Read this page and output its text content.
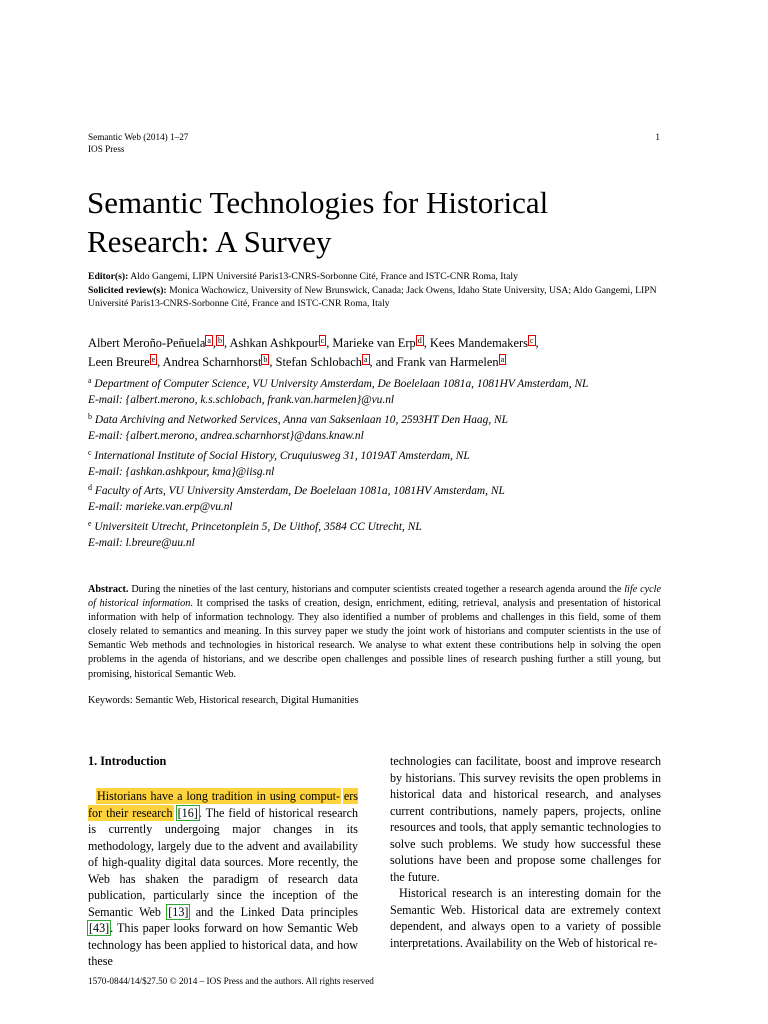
Semantic Web (2014) 1–27
IOS Press
1
Semantic Technologies for Historical
Research: A Survey
Editor(s): Aldo Gangemi, LIPN Université Paris13-CNRS-Sorbonne Cité, France and ISTC-CNR Roma, Italy
Solicited review(s): Monica Wachowicz, University of New Brunswick, Canada; Jack Owens, Idaho State University, USA; Aldo Gangemi, LIPN Université Paris13-CNRS-Sorbonne Cité, France and ISTC-CNR Roma, Italy
Albert Meroño-Peñuela a , b , Ashkan Ashkpour c , Marieke van Erp d , Kees Mandemakers c ,
Leen Breure e , Andrea Scharnhorst b , Stefan Schlobach a , and Frank van Harmelen a
$^a$ Department of Computer Science, VU University Amsterdam, De Boelelaan 1081a, 1081HV Amsterdam, NL
E-mail: {albert.merono, k.s.schlobach, frank.van.harmelen}@vu.nl
$^b$ Data Archiving and Networked Services, Anna van Saksenlaan 10, 2593HT Den Haag, NL
E-mail: {albert.merono, andrea.scharnhorst}@dans.knaw.nl
$^c$ International Institute of Social History, Cruquiusweg 31, 1019AT Amsterdam, NL
E-mail: {ashkan.ashkpour, kma}@iisg.nl
$^d$ Faculty of Arts, VU University Amsterdam, De Boelelaan 1081a, 1081HV Amsterdam, NL
E-mail: marieke.van.erp@vu.nl
$^e$ Universiteit Utrecht, Princetonplein 5, De Uithof, 3584 CC Utrecht, NL
E-mail: l.breure@uu.nl
Abstract. During the nineties of the last century, historians and computer scientists created together a research agenda around the life cycle of historical information. It comprised the tasks of creation, design, enrichment, editing, retrieval, analysis and presentation of historical information with help of information technology. They also identified a number of problems and challenges in this field, some of them closely related to semantics and meaning. In this survey paper we study the joint work of historians and computer scientists in the use of Semantic Web methods and technologies in historical research. We analyse to what extent these contributions help in solving the open problems in the agenda of historians, and we describe open challenges and possible lines of research pushing further a still young, but promising, historical Semantic Web.
Keywords: Semantic Web, Historical research, Digital Humanities
1. Introduction

Historians have a long tradition in using comput- ers for their research [16]. The field of historical research is currently undergoing major changes in its methodology, largely due to the advent and availability of high-quality digital data sources. More recently, the Web has shaken the paradigm of research data publication, particularly since the inception of the Semantic Web [13] and the Linked Data principles [43]. This paper looks forward on how Semantic Web technology has been applied to historical data, and how these

technologies can facilitate, boost and improve research by historians. This survey revisits the open problems in historical data and historical research, and analyses current contributions, namely papers, projects, online resources and tools, that apply semantic technologies to solve such problems. We study how successful these solutions have been and propose some challenges for the future.

Historical research is an interesting domain for the Semantic Web. Historical data are extremely context dependent, and always open to a variety of possible interpretations. Availability on the Web of historical re-

1570-0844/14/$27.50 © 2014 – IOS Press and the authors. All rights reserved
